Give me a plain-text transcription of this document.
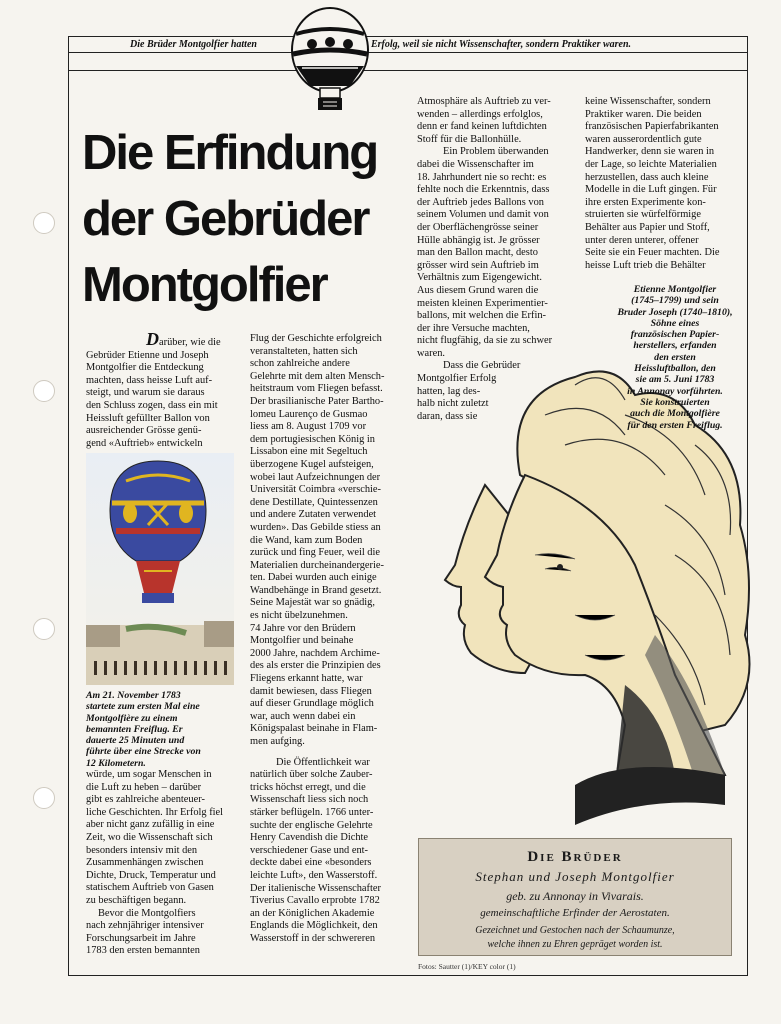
Die Brüder Montgolfier hatten	Erfolg, weil sie nicht Wissenschafter, sondern Praktiker waren.
Die Erfindung
der Gebrüder
Montgolfier

Darüber, wie die

Gebrüder Etienne und Joseph

Montgolfier die Entdeckung

machten, dass heisse Luft auf-

steigt, und warum sie daraus

den Schluss zogen, dass ein mit

Heissluft gefüllter Ballon von

ausreichender Grösse genü-

gend «Auftrieb» entwickeln

Am 21. November 1783
startete zum ersten Mal eine
Montgolfière zu einem
bemannten Freiflug. Er
dauerte 25 Minuten und
führte über eine Strecke von
12 Kilometern.

würde, um sogar Menschen in

die Luft zu heben – darüber

gibt es zahlreiche abenteuer-

liche Geschichten. Ihr Erfolg fiel

aber nicht ganz zufällig in eine

Zeit, wo die Wissenschaft sich

besonders intensiv mit den

Zusammenhängen zwischen

Dichte, Druck, Temperatur und

statischem Auftrieb von Gasen

zu beschäftigen begann.

Bevor die Montgolfiers

nach zehnjähriger intensiver

Forschungsarbeit im Jahre

1783 den ersten bemannten

Flug der Geschichte erfolgreich

veranstalteten, hatten sich

schon zahlreiche andere

Gelehrte mit dem alten Mensch-

heitstraum vom Fliegen befasst.

Der brasilianische Pater Bartho-

lomeu Laurenço de Gusmao

liess am 8. August 1709 vor

dem portugiesischen König in

Lissabon eine mit Segeltuch

überzogene Kugel aufsteigen,

wobei laut Aufzeichnungen der

Universität Coimbra «verschie-

dene Destillate, Quintessenzen

und andere Zutaten verwendet

wurden». Das Gebilde stiess an

die Wand, kam zum Boden

zurück und fing Feuer, weil die

Materialien durcheinandergerie-

ten. Dabei wurden auch einige

Wandbehänge in Brand gesetzt.

Seine Majestät war so gnädig,

es nicht übelzunehmen.

74 Jahre vor den Brüdern

Montgolfier und beinahe

2000 Jahre, nachdem Archime-

des als erster die Prinzipien des

Fliegens erkannt hatte, war

damit bewiesen, dass Fliegen

auf dieser Grundlage möglich

war, auch wenn dabei ein

Königspalast beinahe in Flam-

men aufging.

Die Öffentlichkeit war

natürlich über solche Zauber-

tricks höchst erregt, und die

Wissenschaft liess sich noch

stärker beflügeln. 1766 unter-

suchte der englische Gelehrte

Henry Cavendish die Dichte

verschiedener Gase und ent-

deckte dabei eine «besonders

leichte Luft», den Wasserstoff.

Der italienische Wissenschafter

Tiverius Cavallo erprobte 1782

an der Königlichen Akademie

Englands die Möglichkeit, den

Wasserstoff in der schwereren

Atmosphäre als Auftrieb zu ver-

wenden – allerdings erfolglos,

denn er fand keinen luftdichten

Stoff für die Ballonhülle.

Ein Problem überwanden

dabei die Wissenschafter im

18. Jahrhundert nie so recht: es

fehlte noch die Erkenntnis, dass

der Auftrieb jedes Ballons von

seinem Volumen und damit von

der Oberflächengrösse seiner

Hülle abhängig ist. Je grösser

man den Ballon macht, desto

grösser wird sein Auftrieb im

Verhältnis zum Eigengewicht.

Aus diesem Grund waren die

meisten kleinen Experimentier-

ballons, mit welchen die Erfin-

der ihre Versuche machten,

nicht flugfähig, da sie zu schwer

waren.

Dass die Gebrüder

Montgolfier Erfolg

hatten, lag des-

halb nicht zuletzt

daran, dass sie

keine Wissenschafter, sondern

Praktiker waren. Die beiden

französischen Papierfabrikanten

waren ausserordentlich gute

Handwerker, denn sie waren in

der Lage, so leichte Materialien

herzustellen, dass auch kleine

Modelle in die Luft gingen. Für

ihre ersten Experimente kon-

struierten sie würfelförmige

Behälter aus Papier und Stoff,

unter deren unterer, offener

Seite sie ein Feuer machten. Die

heisse Luft trieb die Behälter

Etienne Montgolfier
(1745–1799) und sein
Bruder Joseph (1740–1810),
Söhne eines
französischen Papier-
herstellers, erfanden
den ersten
Heissluftballon, den
sie am 5. Juni 1783
in Annonay vorführten.
Sie konstruierten
auch die Montgolfière
für den ersten Freiflug.
Die Brüder
Stephan und Joseph Montgolfier
geb. zu Annonay in Vivarais.
gemeinschaftliche Erfinder der Aerostaten.
Gezeichnet und Gestochen nach der Schaumunze,
welche ihnen zu Ehren gepräget worden ist.
Fotos: Sautter (1)/KEY color (1)
